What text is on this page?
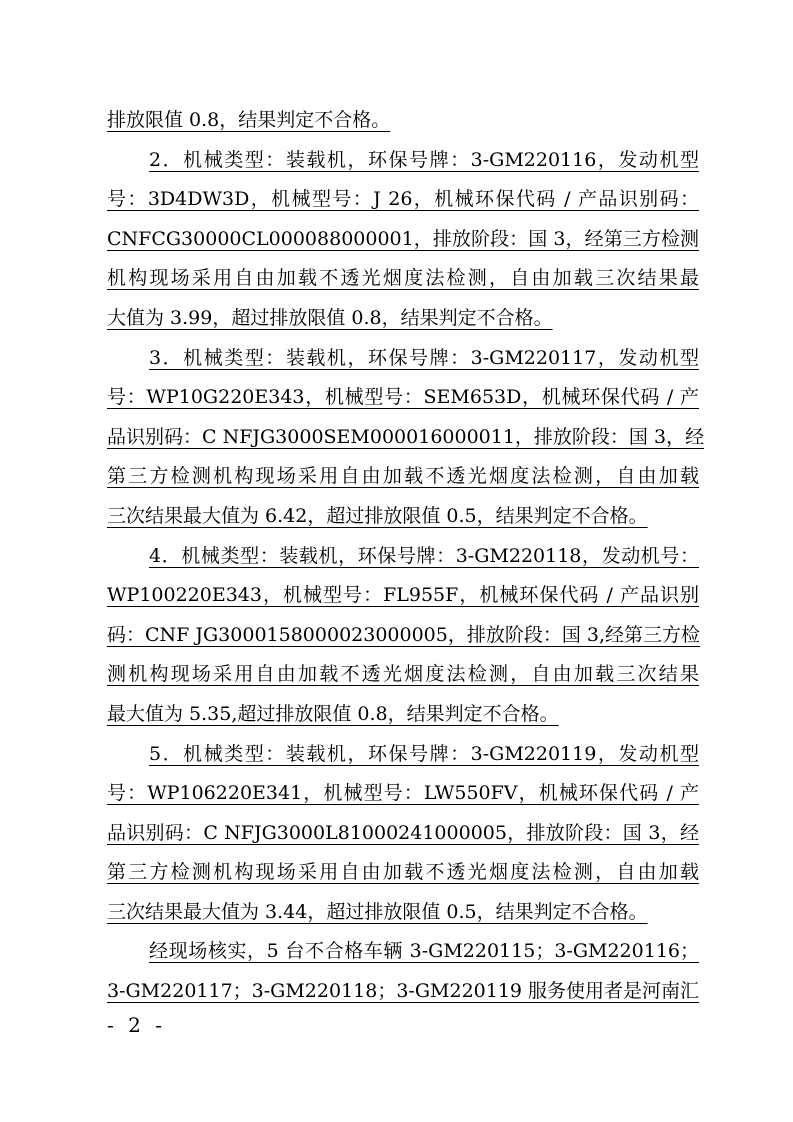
排放限值 0.8，结果判定不合格。
2．机械类型：装载机，环保号牌：3-GM220116，发动机型
号：3D4DW3D，机械型号：J 26，机械环保代码 / 产品识别码：
CNFCG30000CL000088000001，排放阶段：国 3，经第三方检测
机构现场采用自由加载不透光烟度法检测，自由加载三次结果最
大值为 3.99，超过排放限值 0.8，结果判定不合格。
3．机械类型：装载机，环保号牌：3-GM220117，发动机型
号：WP10G220E343，机械型号：SEM653D，机械环保代码 / 产
品识别码：C NFJG3000SEM000016000011，排放阶段：国 3，经
第三方检测机构现场采用自由加载不透光烟度法检测，自由加载
三次结果最大值为 6.42，超过排放限值 0.5，结果判定不合格。
4．机械类型：装载机，环保号牌：3-GM220118，发动机号：
WP100220E343，机械型号：FL955F，机械环保代码 / 产品识别
码：CNF JG3000158000023000005，排放阶段：国 3,经第三方检
测机构现场采用自由加载不透光烟度法检测，自由加载三次结果
最大值为 5.35,超过排放限值 0.8，结果判定不合格。
5．机械类型：装载机，环保号牌：3-GM220119，发动机型
号：WP106220E341，机械型号：LW550FV，机械环保代码 / 产
品识别码：C NFJG3000L81000241000005，排放阶段：国 3，经
第三方检测机构现场采用自由加载不透光烟度法检测，自由加载
三次结果最大值为 3.44，超过排放限值 0.5，结果判定不合格。
经现场核实，5 台不合格车辆 3-GM220115；3-GM220116；
3-GM220117；3-GM220118；3-GM220119 服务使用者是河南汇
- 2 -
